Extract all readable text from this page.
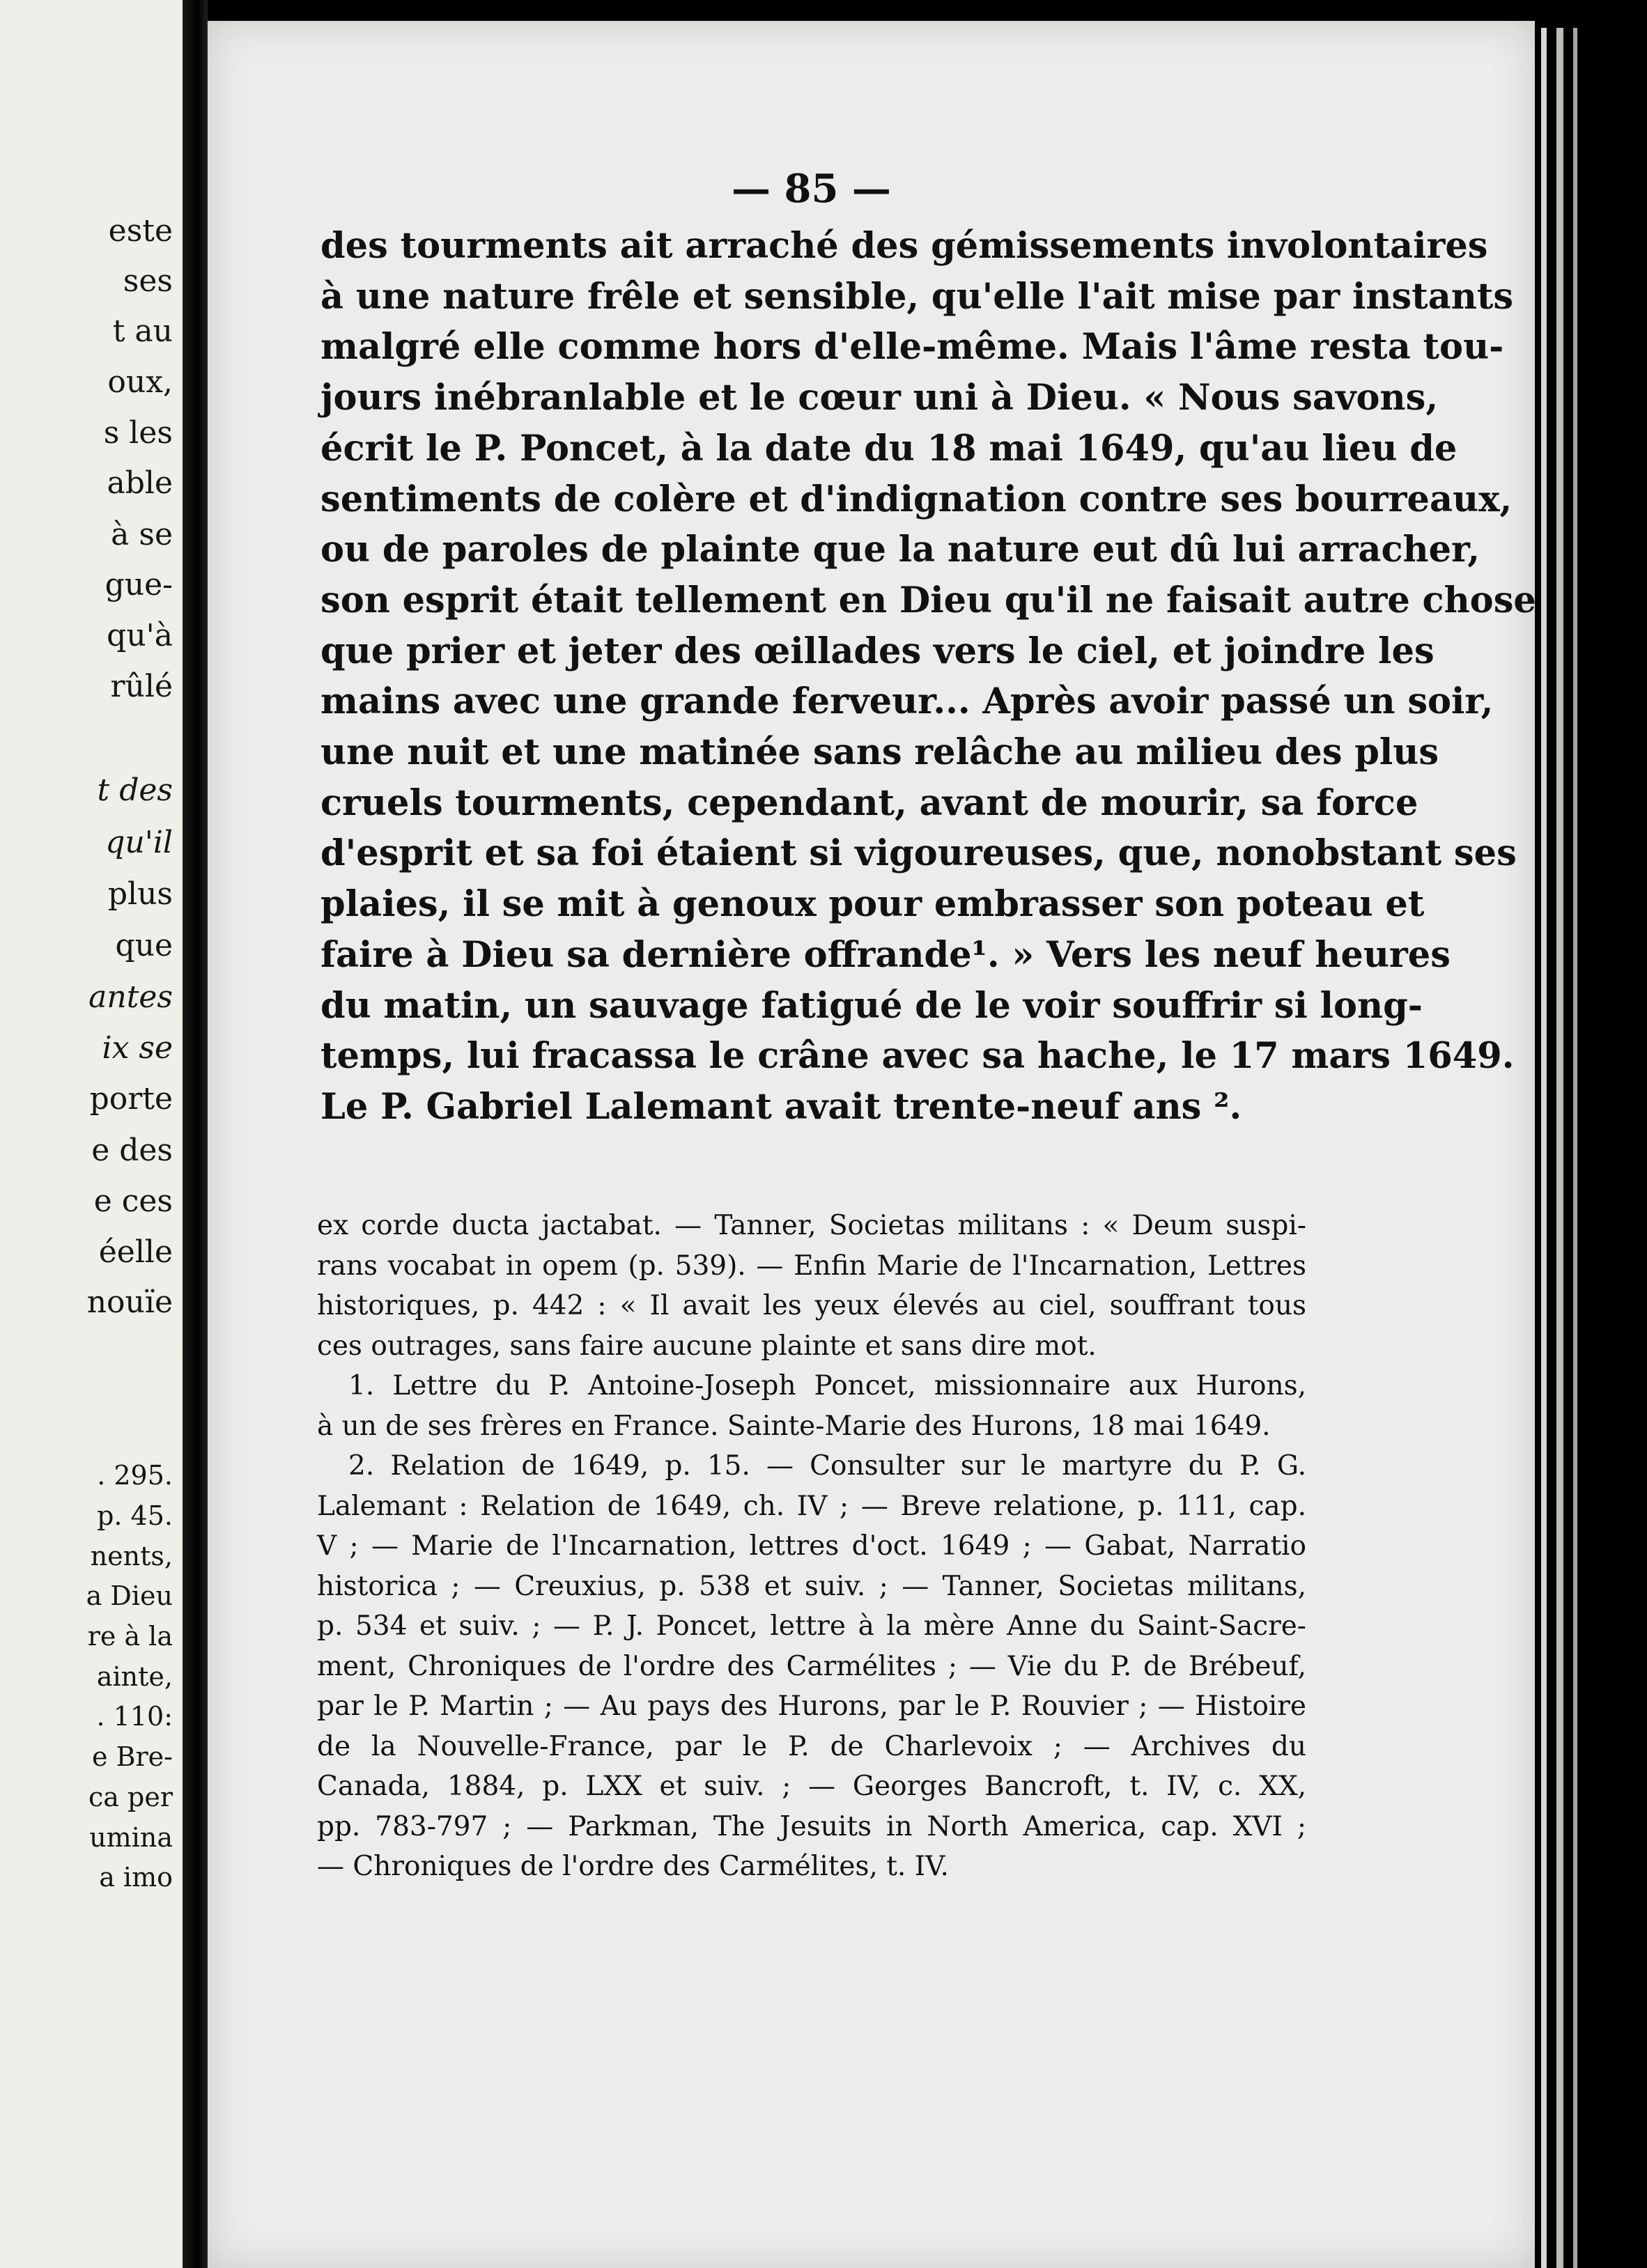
este
ses
t au
oux,
s les
able
à se
gue-
qu'à
rûlé
t des
qu'il
plus
que
antes
ix se
porte
e des
e ces
éelle
nouïe
. 295.
p. 45.
nents,
a Dieu
re à la
ainte,
. 110:
e Bre-
ca per
umina
a imo
— 85 —
des tourments ait arraché des gémissements involontaires
à une nature frêle et sensible, qu'elle l'ait mise par instants
malgré elle comme hors d'elle-même. Mais l'âme resta tou-
jours inébranlable et le cœur uni à Dieu. « Nous savons,
écrit le P. Poncet, à la date du 18 mai 1649, qu'au lieu de
sentiments de colère et d'indignation contre ses bourreaux,
ou de paroles de plainte que la nature eut dû lui arracher,
son esprit était tellement en Dieu qu'il ne faisait autre chose
que prier et jeter des œillades vers le ciel, et joindre les
mains avec une grande ferveur... Après avoir passé un soir,
une nuit et une matinée sans relâche au milieu des plus
cruels tourments, cependant, avant de mourir, sa force
d'esprit et sa foi étaient si vigoureuses, que, nonobstant ses
plaies, il se mit à genoux pour embrasser son poteau et
faire à Dieu sa dernière offrande¹. » Vers les neuf heures
du matin, un sauvage fatigué de le voir souffrir si long-
temps, lui fracassa le crâne avec sa hache, le 17 mars 1649.
Le P. Gabriel Lalemant avait trente-neuf ans ².
ex corde ducta jactabat. — Tanner, Societas militans : « Deum suspi-
rans vocabat in opem (p. 539). — Enfin Marie de l'Incarnation, Lettres
historiques, p. 442 : « Il avait les yeux élevés au ciel, souffrant tous
ces outrages, sans faire aucune plainte et sans dire mot.
1. Lettre du P. Antoine-Joseph Poncet, missionnaire aux Hurons,
à un de ses frères en France. Sainte-Marie des Hurons, 18 mai 1649.
2. Relation de 1649, p. 15. — Consulter sur le martyre du P. G.
Lalemant : Relation de 1649, ch. IV ; — Breve relatione, p. 111, cap.
V ; — Marie de l'Incarnation, lettres d'oct. 1649 ; — Gabat, Narratio
historica ; — Creuxius, p. 538 et suiv. ; — Tanner, Societas militans,
p. 534 et suiv. ; — P. J. Poncet, lettre à la mère Anne du Saint-Sacre-
ment, Chroniques de l'ordre des Carmélites ; — Vie du P. de Brébeuf,
par le P. Martin ; — Au pays des Hurons, par le P. Rouvier ; — Histoire
de la Nouvelle-France, par le P. de Charlevoix ; — Archives du
Canada, 1884, p. LXX et suiv. ; — Georges Bancroft, t. IV, c. XX,
pp. 783-797 ; — Parkman, The Jesuits in North America, cap. XVI ;
— Chroniques de l'ordre des Carmélites, t. IV.
